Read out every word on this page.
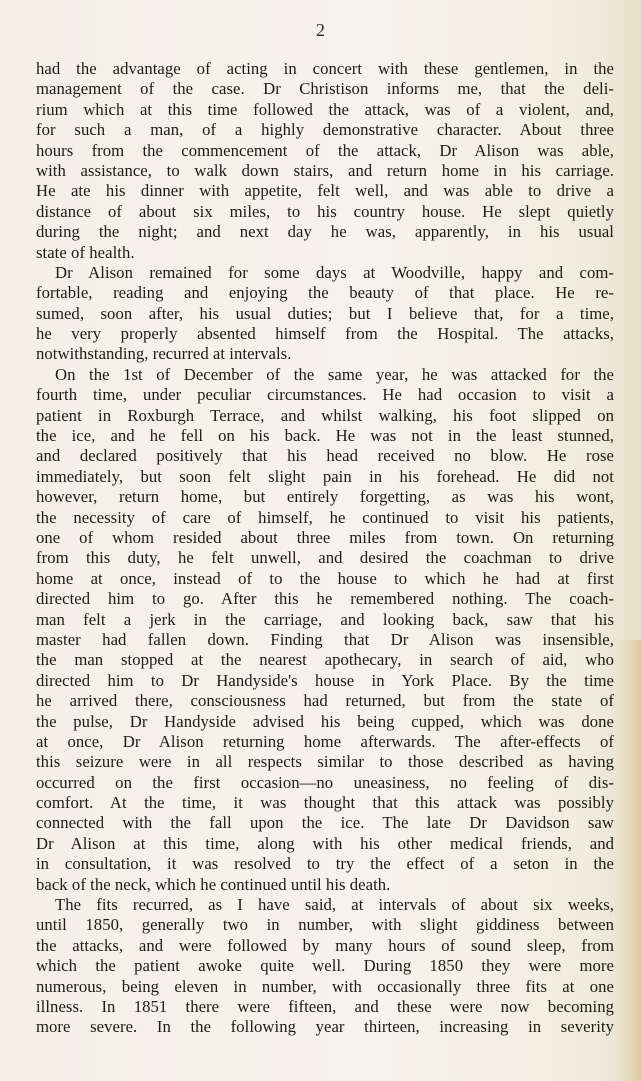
2
had the advantage of acting in concert with these gentlemen, in the
management of the case. Dr Christison informs me, that the deli-
rium which at this time followed the attack, was of a violent, and,
for such a man, of a highly demonstrative character. About three
hours from the commencement of the attack, Dr Alison was able,
with assistance, to walk down stairs, and return home in his carriage.
He ate his dinner with appetite, felt well, and was able to drive a
distance of about six miles, to his country house. He slept quietly
during the night; and next day he was, apparently, in his usual
state of health.
Dr Alison remained for some days at Woodville, happy and com-
fortable, reading and enjoying the beauty of that place. He re-
sumed, soon after, his usual duties; but I believe that, for a time,
he very properly absented himself from the Hospital. The attacks,
notwithstanding, recurred at intervals.
On the 1st of December of the same year, he was attacked for the
fourth time, under peculiar circumstances. He had occasion to visit a
patient in Roxburgh Terrace, and whilst walking, his foot slipped on
the ice, and he fell on his back. He was not in the least stunned,
and declared positively that his head received no blow. He rose
immediately, but soon felt slight pain in his forehead. He did not
however, return home, but entirely forgetting, as was his wont,
the necessity of care of himself, he continued to visit his patients,
one of whom resided about three miles from town. On returning
from this duty, he felt unwell, and desired the coachman to drive
home at once, instead of to the house to which he had at first
directed him to go. After this he remembered nothing. The coach-
man felt a jerk in the carriage, and looking back, saw that his
master had fallen down. Finding that Dr Alison was insensible,
the man stopped at the nearest apothecary, in search of aid, who
directed him to Dr Handyside's house in York Place. By the time
he arrived there, consciousness had returned, but from the state of
the pulse, Dr Handyside advised his being cupped, which was done
at once, Dr Alison returning home afterwards. The after-effects of
this seizure were in all respects similar to those described as having
occurred on the first occasion—no uneasiness, no feeling of dis-
comfort. At the time, it was thought that this attack was possibly
connected with the fall upon the ice. The late Dr Davidson saw
Dr Alison at this time, along with his other medical friends, and
in consultation, it was resolved to try the effect of a seton in the
back of the neck, which he continued until his death.
The fits recurred, as I have said, at intervals of about six weeks,
until 1850, generally two in number, with slight giddiness between
the attacks, and were followed by many hours of sound sleep, from
which the patient awoke quite well. During 1850 they were more
numerous, being eleven in number, with occasionally three fits at one
illness. In 1851 there were fifteen, and these were now becoming
more severe. In the following year thirteen, increasing in severity
